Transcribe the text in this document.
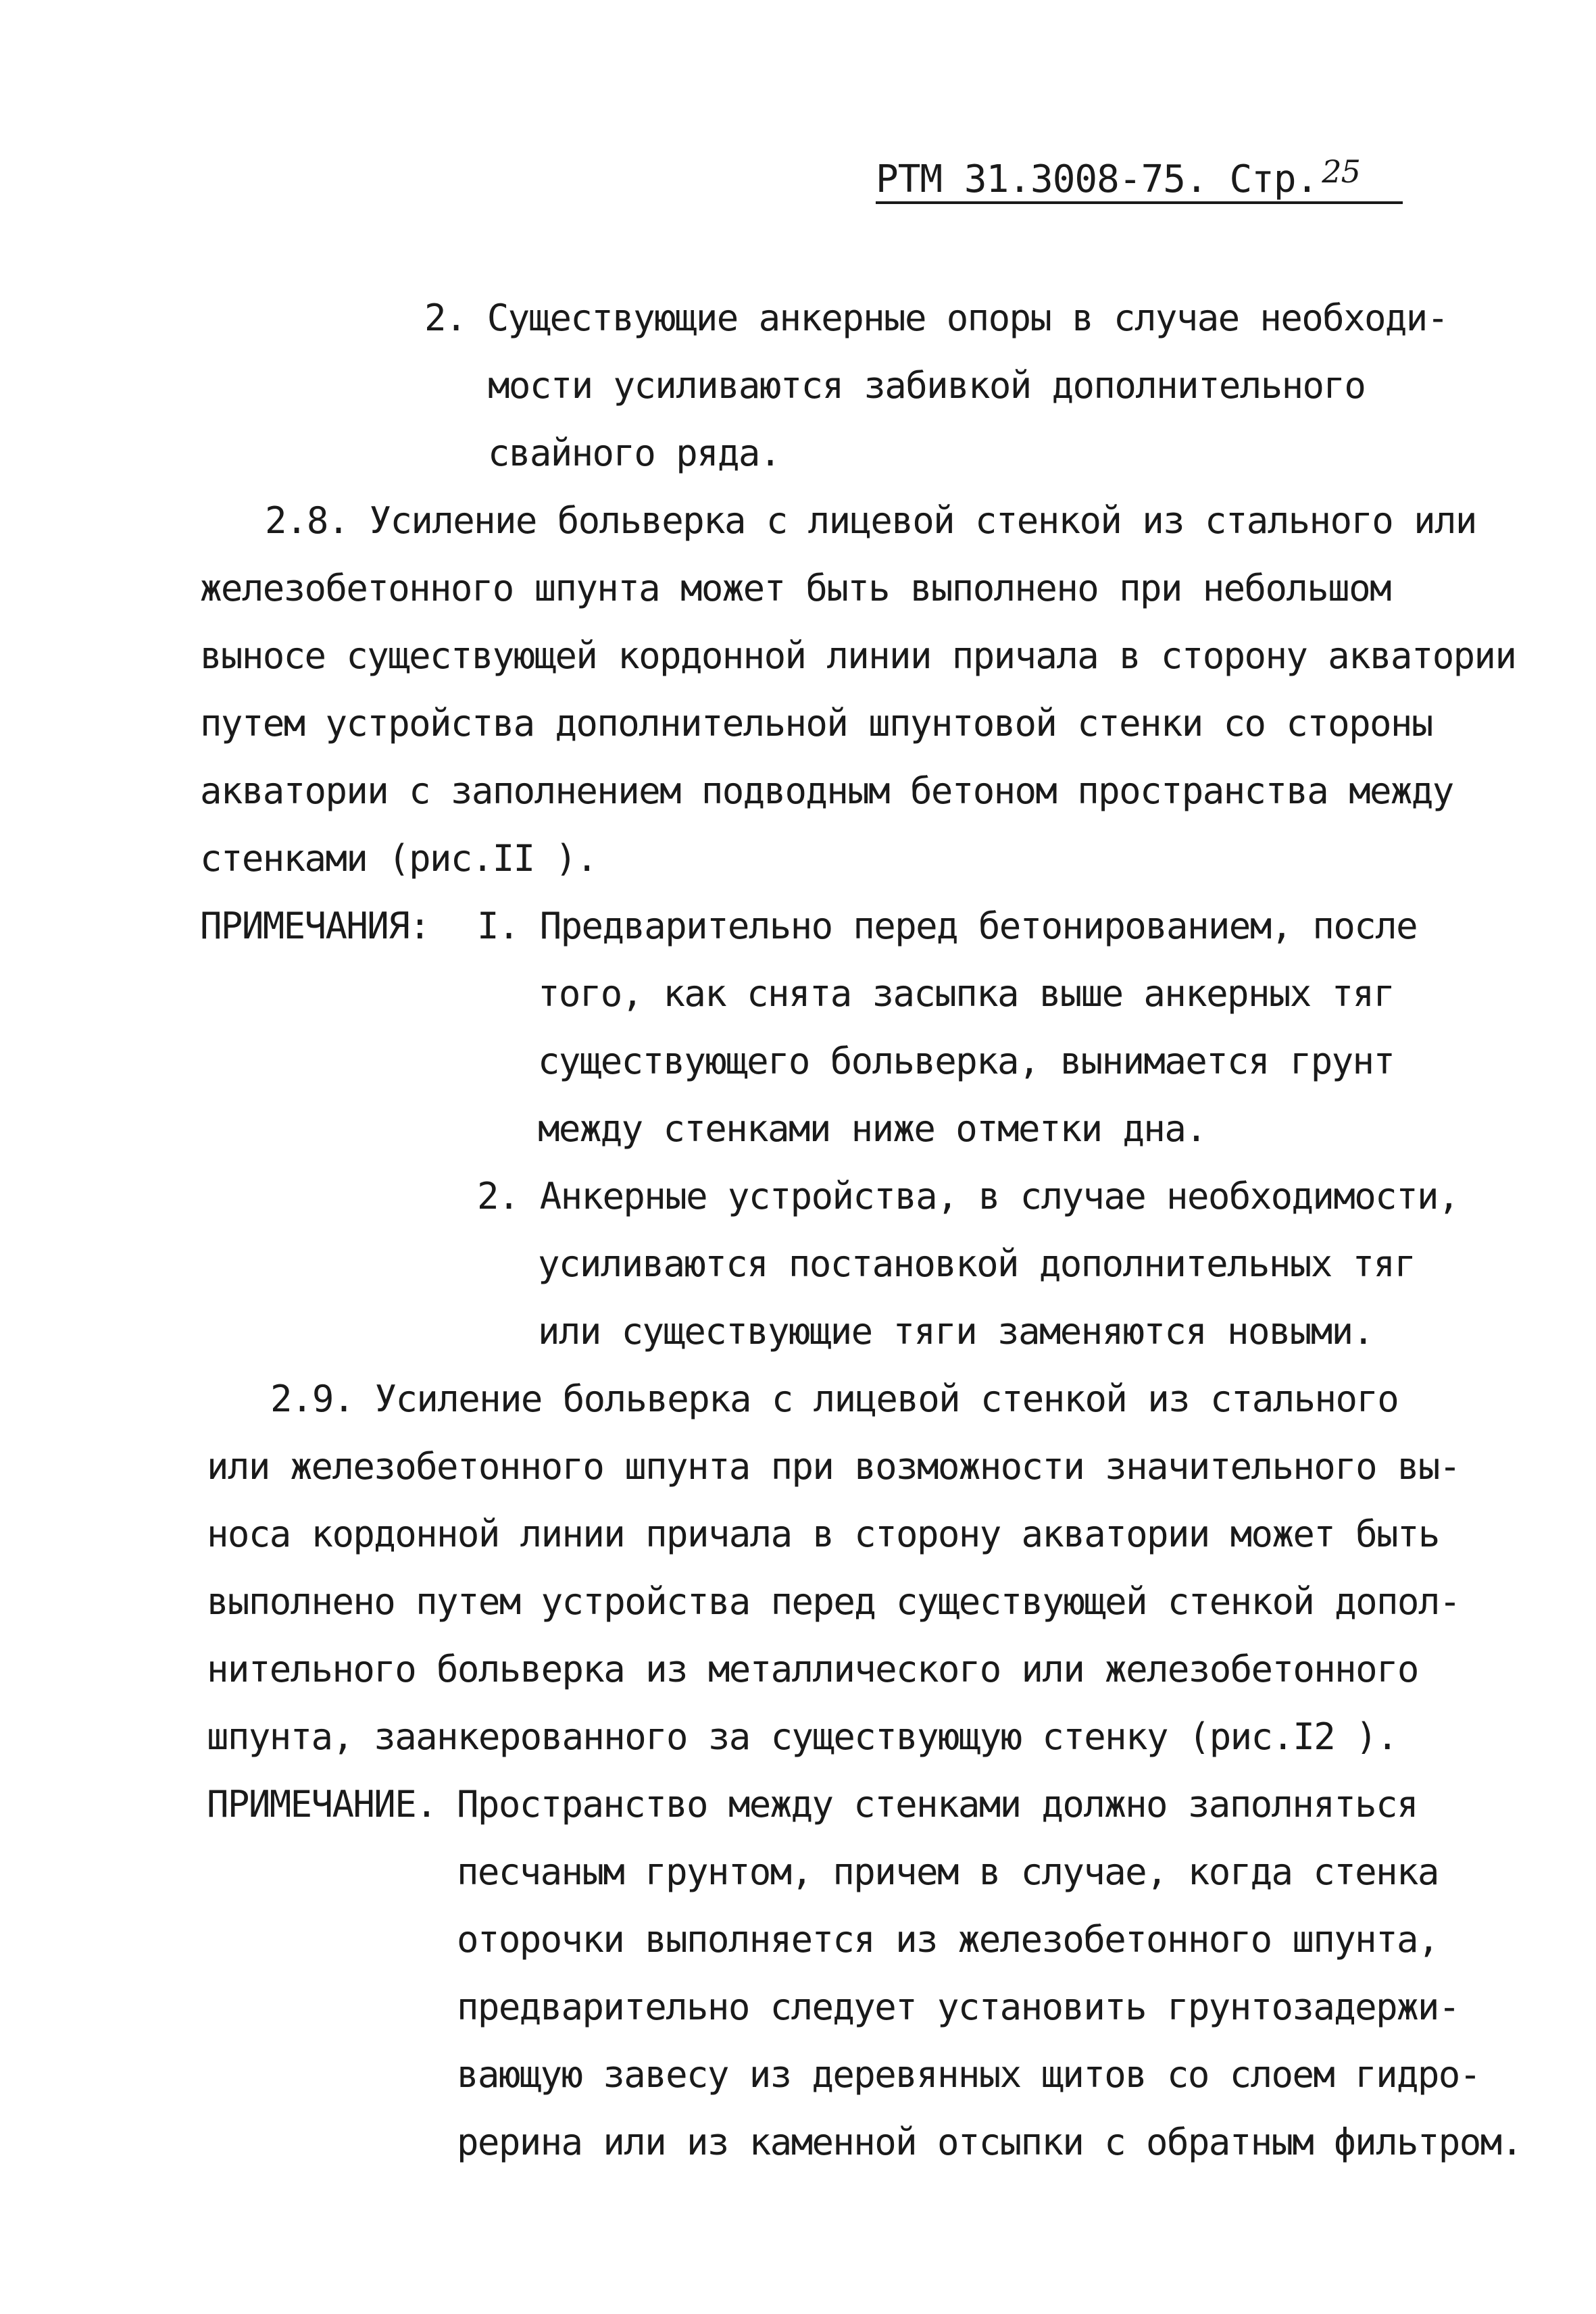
РТМ 31.3008-75. Стр. $^{25}$
2. Существующие анкерные опоры в случае необходи-
мости усиливаются забивкой дополнительного
свайного ряда.
2.8. Усиление больверка с лицевой стенкой из стального или
железобетонного шпунта может быть выполнено при небольшом
выносе существующей кордонной линии причала в сторону акватории
путем устройства дополнительной шпунтовой стенки со стороны
акватории с заполнением подводным бетоном пространства между
стенками (рис.II ).
ПРИМЕЧАНИЯ: I. Предварительно перед бетонированием, после
того, как снята засыпка выше анкерных тяг
существующего больверка, вынимается грунт
между стенками ниже отметки дна.
2. Анкерные устройства, в случае необходимости,
усиливаются постановкой дополнительных тяг
или существующие тяги заменяются новыми.
2.9. Усиление больверка с лицевой стенкой из стального
или железобетонного шпунта при возможности значительного вы-
носа кордонной линии причала в сторону акватории может быть
выполнено путем устройства перед существующей стенкой допол-
нительного больверка из металлического или железобетонного
шпунта, заанкерованного за существующую стенку (рис.I2 ).
ПРИМЕЧАНИЕ. Пространство между стенками должно заполняться
песчаным грунтом, причем в случае, когда стенка
оторочки выполняется из железобетонного шпунта,
предварительно следует установить грунтозадержи-
вающую завесу из деревянных щитов со слоем гидро-
рерина или из каменной отсыпки с обратным фильтром.
